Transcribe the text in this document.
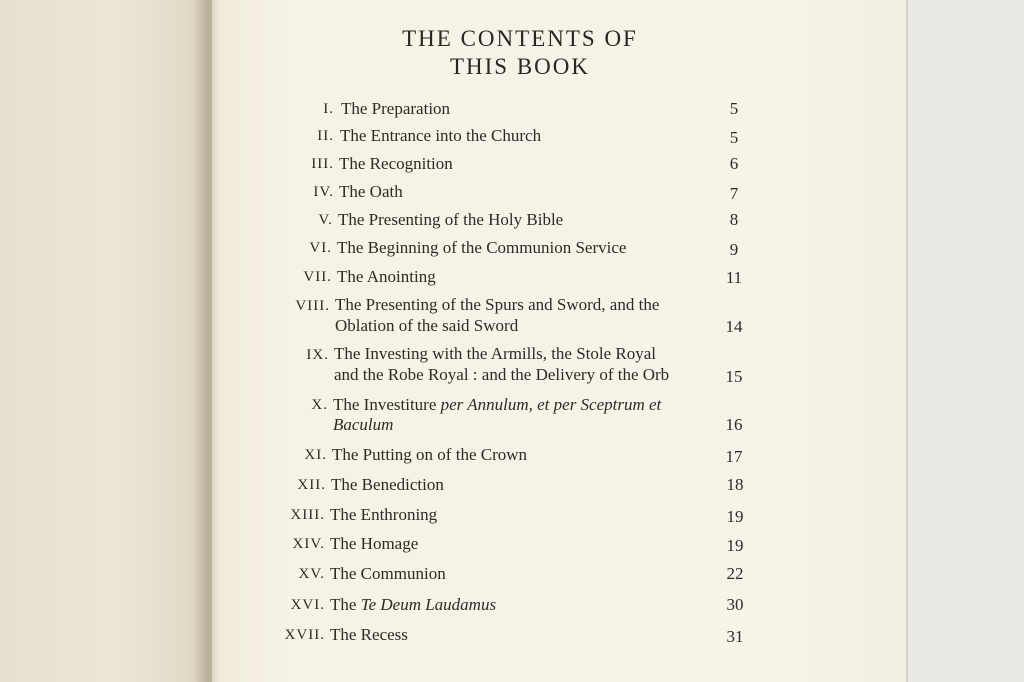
THE CONTENTS OF
THIS BOOK
I. The Preparation	5
II. The Entrance into the Church	5
III. The Recognition	6
IV. The Oath	7
V. The Presenting of the Holy Bible	8
VI. The Beginning of the Communion Service	9
VII. The Anointing	11
VIII. The Presenting of the Spurs and Sword, and the
Oblation of the said Sword	14
IX. The Investing with the Armills, the Stole Royal
and the Robe Royal : and the Delivery of the Orb	15
X. The Investiture per Annulum, et per Sceptrum et
Baculum	16
XI. The Putting on of the Crown	17
XII. The Benediction	18
XIII. The Enthroning	19
XIV. The Homage	19
XV. The Communion	22
XVI. The Te Deum Laudamus	30
XVII. The Recess	31
